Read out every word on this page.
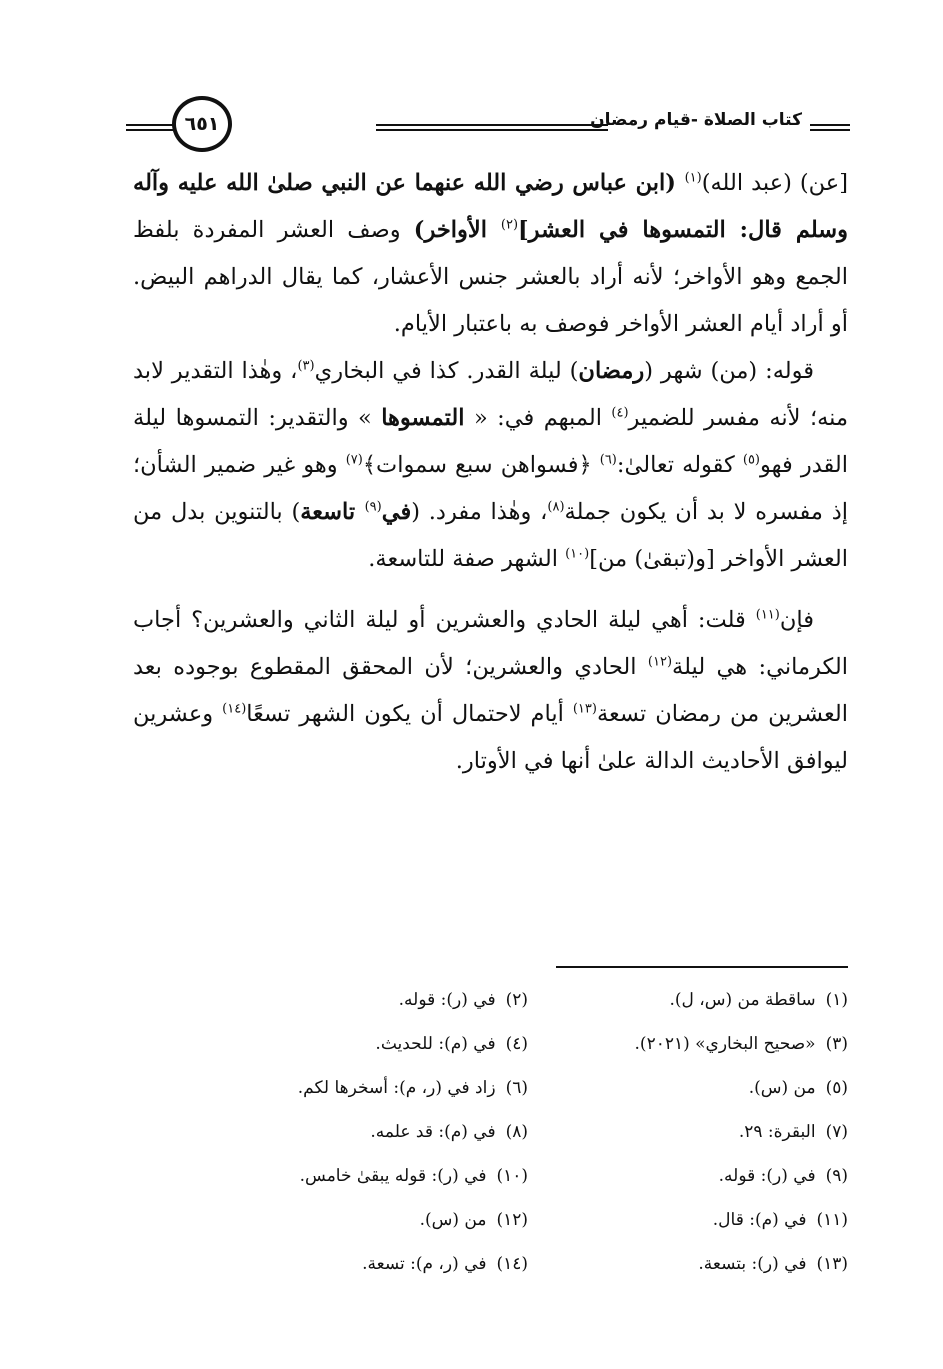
كتاب الصلاة -قيام رمضان
٦٥١

[عن) (عبد الله)$^{(١)}$ (ابن عباس رضي الله عنهما عن النبي صلىٰ الله عليه وآله وسلم قال: التمسوها في العشر]$^{(٢)}$ الأواخر) وصف العشر المفردة بلفظ الجمع وهو الأواخر؛ لأنه أراد بالعشر جنس الأعشار، كما يقال الدراهم البيض. أو أراد أيام العشر الأواخر فوصف به باعتبار الأيام.

قوله: (من) شهر (رمضان) ليلة القدر. كذا في البخاري$^{(٣)}$، وهٰذا التقدير لابد منه؛ لأنه مفسر للضمير$^{(٤)}$ المبهم في: « التمسوها » والتقدير: التمسوها ليلة القدر فهو$^{(٥)}$ كقوله تعالىٰ:$^{(٦)}$ ﴿فسواهن سبع سموات﴾$^{(٧)}$ وهو غير ضمير الشأن؛ إذ مفسره لا بد أن يكون جملة$^{(٨)}$، وهٰذا مفرد. (في$^{(٩)}$ تاسعة) بالتنوين بدل من العشر الأواخر [و(تبقىٰ) من]$^{(١٠)}$ الشهر صفة للتاسعة.

فإن$^{(١١)}$ قلت: أهي ليلة الحادي والعشرين أو ليلة الثاني والعشرين؟ أجاب الكرماني: هي ليلة$^{(١٢)}$ الحادي والعشرين؛ لأن المحقق المقطوع بوجوده بعد العشرين من رمضان تسعة$^{(١٣)}$ أيام لاحتمال أن يكون الشهر تسعًا$^{(١٤)}$ وعشرين ليوافق الأحاديث الدالة علىٰ أنها في الأوتار.

(١)ساقطة من (س، ل).
(٢)في (ر): قوله.
(٣)«صحيح البخاري» (٢٠٢١).
(٤)في (م): للحديث.
(٥)من (س).
(٦)زاد في (ر، م): أسخرها لكم.
(٧)البقرة: ٢٩.
(٨)في (م): قد علمه.
(٩)في (ر): قوله.
(١٠)في (ر): قوله يبقىٰ خامس.
(١١)في (م): قال.
(١٢)من (س).
(١٣)في (ر): بتسعة.
(١٤)في (ر، م): تسعة.
